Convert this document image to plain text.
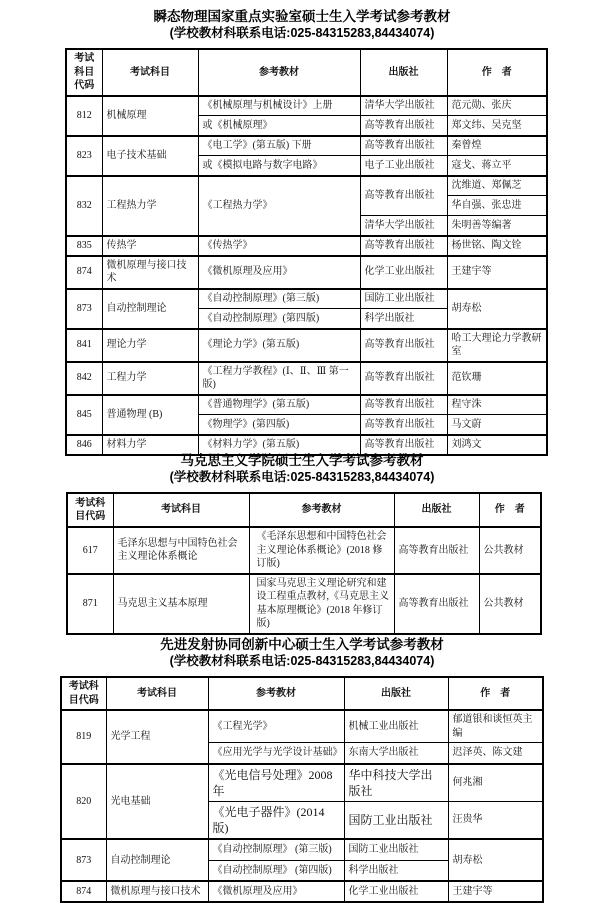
瞬态物理国家重点实验室硕士生入学考试参考教材
(学校教材科联系电话:025-84315283,84434074)
考试科目代码	考试科目	参考教材	出版社	作　者
812	机械原理	《机械原理与机械设计》上册	清华大学出版社	范元勋、张庆
		或《机械原理》	高等教育出版社	郑文纬、吴克坚
823	电子技术基础	《电工学》(第五版) 下册	高等教育出版社	秦曾煌
		或《模拟电路与数字电路》	电子工业出版社	寇戈、蒋立平
832	工程热力学	《工程热力学》	高等教育出版社	沈维道、郑佩芝
				华自强、张忠进
			清华大学出版社	朱明善等编著
835	传热学	《传热学》	高等教育出版社	杨世铭、陶文铨
874	微机原理与接口技术	《微机原理及应用》	化学工业出版社	王建宇等
873	自动控制理论	《自动控制原理》(第三版)	国防工业出版社	胡寿松
		《自动控制原理》(第四版)	科学出版社	
841	理论力学	《理论力学》(第五版)	高等教育出版社	哈工大理论力学教研室
842	工程力学	《工程力学教程》(Ⅰ、Ⅱ、Ⅲ 第一版)	高等教育出版社	范钦珊
845	普通物理 (B)	《普通物理学》(第五版)	高等教育出版社	程守洙
		《物理学》(第四版)	高等教育出版社	马文蔚
846	材料力学	《材料力学》(第五版)	高等教育出版社	刘鸿文
马克思主义学院硕士生入学考试参考教材
(学校教材科联系电话:025-84315283,84434074)
考试科目代码	考试科目	参考教材	出版社	作　者
617	毛泽东思想与中国特色社会主义理论体系概论	《毛泽东思想和中国特色社会主义理论体系概论》(2018 修订版)	高等教育出版社	公共教材
871	马克思主义基本原理	国家马克思主义理论研究和建设工程重点教材,《马克思主义基本原理概论》(2018 年修订版)	高等教育出版社	公共教材
先进发射协同创新中心硕士生入学考试参考教材
(学校教材科联系电话:025-84315283,84434074)
考试科目代码	考试科目	参考教材	出版社	作　者
819	光学工程	《工程光学》	机械工业出版社	郁道银和谈恒英主编
		《应用光学与光学设计基础》	东南大学出版社	迟泽英、陈文建
820	光电基础	《光电信号处理》2008 年	华中科技大学出版社	何兆湘
		《光电子器件》(2014 版)	国防工业出版社	汪贵华
873	自动控制理论	《自动控制原理》 (第三版)	国防工业出版社	胡寿松
		《自动控制原理》 (第四版)	科学出版社	
874	微机原理与接口技术	《微机原理及应用》	化学工业出版社	王建宇等
